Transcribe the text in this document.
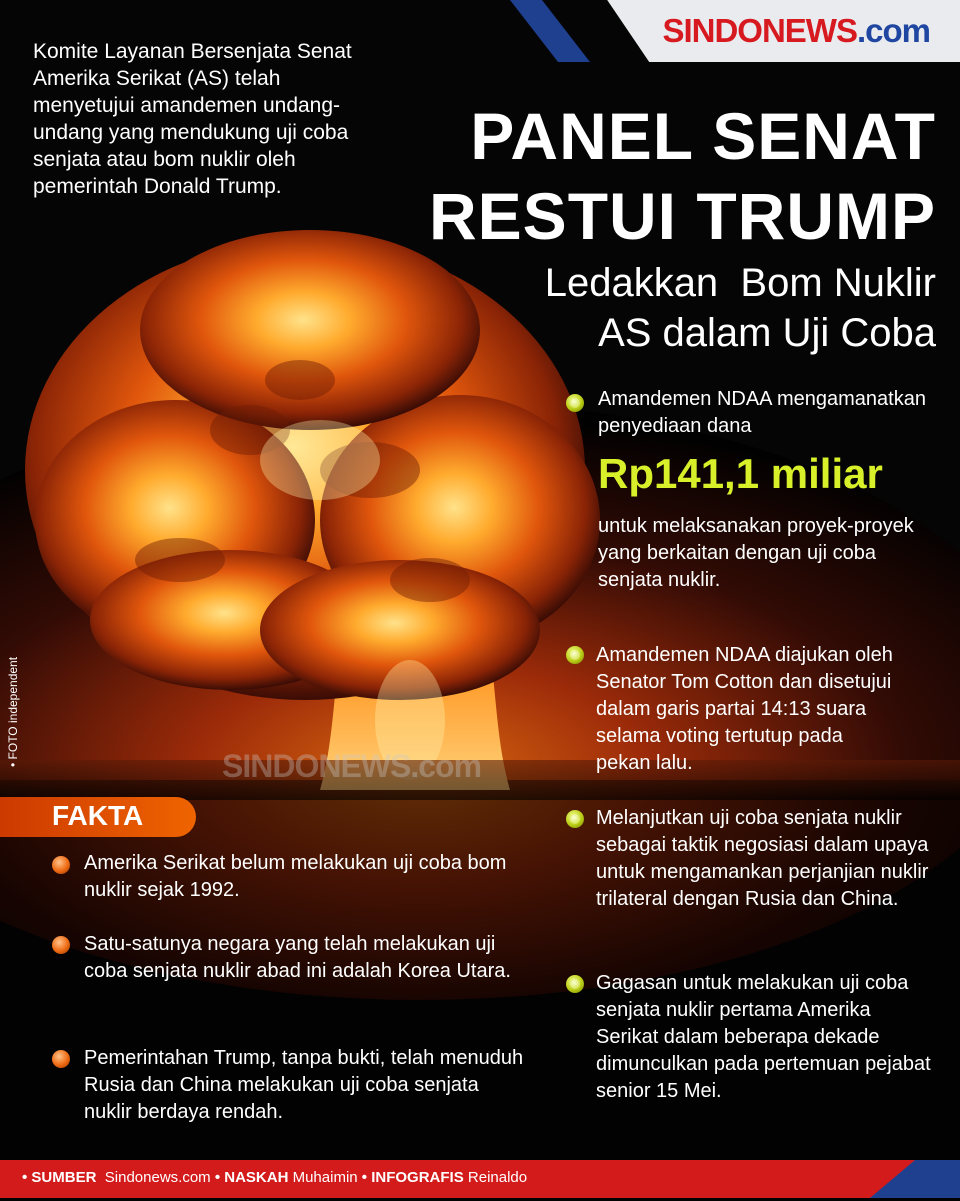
SINDONEWS.com
Komite Layanan Bersenjata Senat Amerika Serikat (AS) telah menyetujui amandemen undang-undang yang mendukung uji coba senjata atau bom nuklir oleh pemerintah Donald Trump.
PANEL SENAT
RESTUI TRUMP
Ledakkan  Bom Nuklir
AS dalam Uji Coba
Amandemen NDAA mengamanatkan penyediaan dana
Rp141,1 miliar
untuk melaksanakan proyek-proyek yang berkaitan dengan uji coba senjata nuklir.
Amandemen NDAA diajukan oleh Senator Tom Cotton dan disetujui dalam garis partai 14:13 suara selama voting tertutup pada pekan lalu.
Melanjutkan uji coba senjata nuklir sebagai taktik negosiasi dalam upaya untuk mengamankan perjanjian nuklir trilateral dengan Rusia dan China.
Gagasan untuk melakukan uji coba senjata nuklir pertama Amerika Serikat dalam beberapa dekade dimunculkan pada pertemuan pejabat senior 15 Mei.
SINDONEWS.com
• FOTO independent
FAKTA
Amerika Serikat belum melakukan uji coba bom nuklir sejak 1992.
Satu-satunya negara yang telah melakukan uji coba senjata nuklir abad ini adalah Korea Utara.
Pemerintahan Trump, tanpa bukti, telah menuduh Rusia dan China melakukan uji coba senjata nuklir berdaya rendah.
• SUMBER Sindonews.com • NASKAH Muhaimin • INFOGRAFIS Reinaldo
